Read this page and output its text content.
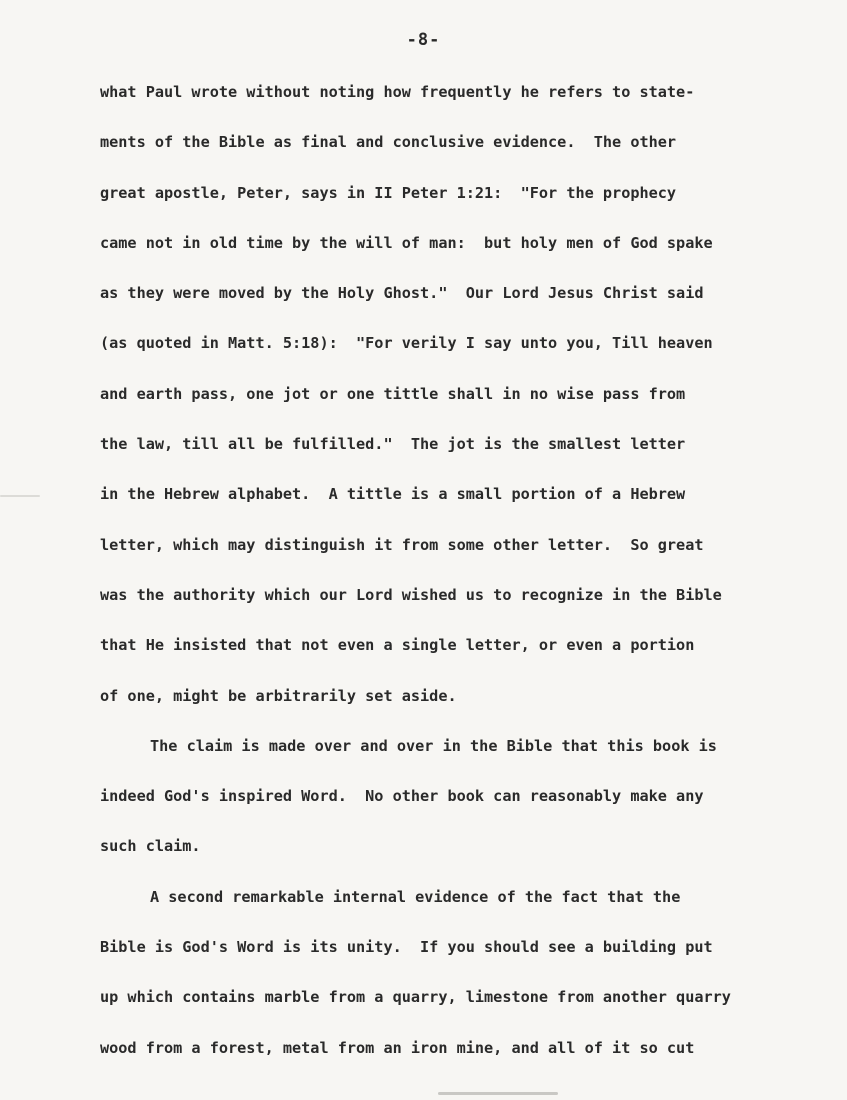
-8-
what Paul wrote without noting how frequently he refers to state-
ments of the Bible as final and conclusive evidence.  The other
great apostle, Peter, says in II Peter 1:21:  "For the prophecy
came not in old time by the will of man:  but holy men of God spake
as they were moved by the Holy Ghost."  Our Lord Jesus Christ said
(as quoted in Matt. 5:18):  "For verily I say unto you, Till heaven
and earth pass, one jot or one tittle shall in no wise pass from
the law, till all be fulfilled."  The jot is the smallest letter
in the Hebrew alphabet.  A tittle is a small portion of a Hebrew
letter, which may distinguish it from some other letter.  So great
was the authority which our Lord wished us to recognize in the Bible
that He insisted that not even a single letter, or even a portion
of one, might be arbitrarily set aside.
The claim is made over and over in the Bible that this book is
indeed God's inspired Word.  No other book can reasonably make any
such claim.
A second remarkable internal evidence of the fact that the
Bible is God's Word is its unity.  If you should see a building put
up which contains marble from a quarry, limestone from another quarry
wood from a forest, metal from an iron mine, and all of it so cut
